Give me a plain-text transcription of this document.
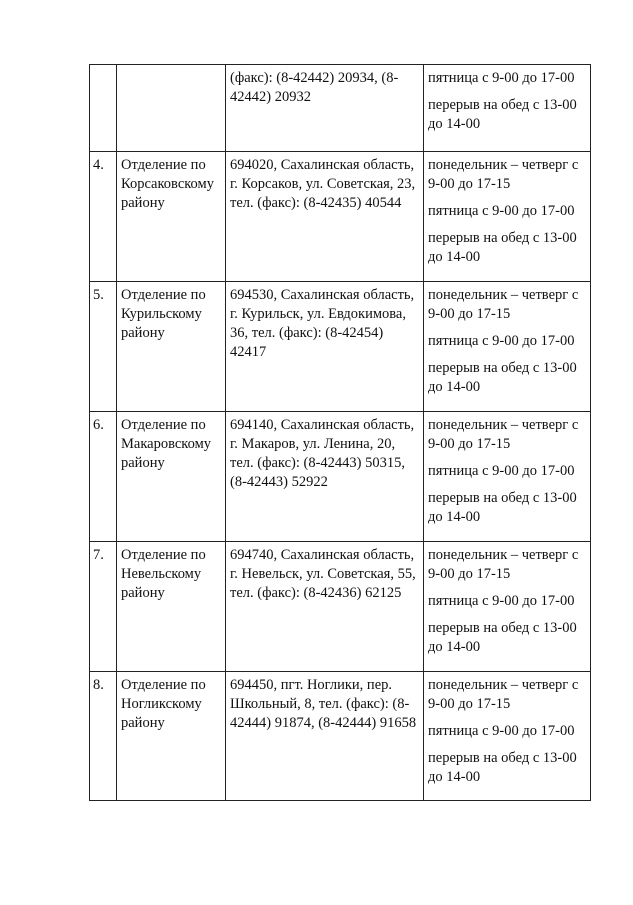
		(факс): (8-42442) 20934, (8-42442) 20932	пятница с 9-00 до 17-00
перерыв на обед с 13-00 до 14-00

4.	Отделение по Корсаковскому району	694020, Сахалинская область, г. Корсаков, ул. Советская, 23, тел. (факс): (8-42435) 40544	понедельник – четверг с 9-00 до 17-15
пятница с 9-00 до 17-00
перерыв на обед с 13-00 до 14-00

5.	Отделение по Курильскому району	694530, Сахалинская область, г. Курильск, ул. Евдокимова, 36, тел. (факс): (8-42454) 42417	понедельник – четверг с 9-00 до 17-15
пятница с 9-00 до 17-00
перерыв на обед с 13-00 до 14-00

6.	Отделение по Макаровскому району	694140, Сахалинская область, г. Макаров, ул. Ленина, 20, тел. (факс): (8-42443) 50315, (8-42443) 52922	понедельник – четверг с 9-00 до 17-15
пятница с 9-00 до 17-00
перерыв на обед с 13-00 до 14-00

7.	Отделение по Невельскому району	694740, Сахалинская область, г. Невельск, ул. Советская, 55, тел. (факс): (8-42436) 62125	понедельник – четверг с 9-00 до 17-15
пятница с 9-00 до 17-00
перерыв на обед с 13-00 до 14-00

8.	Отделение по Ногликскому району	694450, пгт. Ноглики, пер. Школьный, 8, тел. (факс): (8-42444) 91874, (8-42444) 91658	понедельник – четверг с 9-00 до 17-15
пятница с 9-00 до 17-00
перерыв на обед с 13-00 до 14-00
